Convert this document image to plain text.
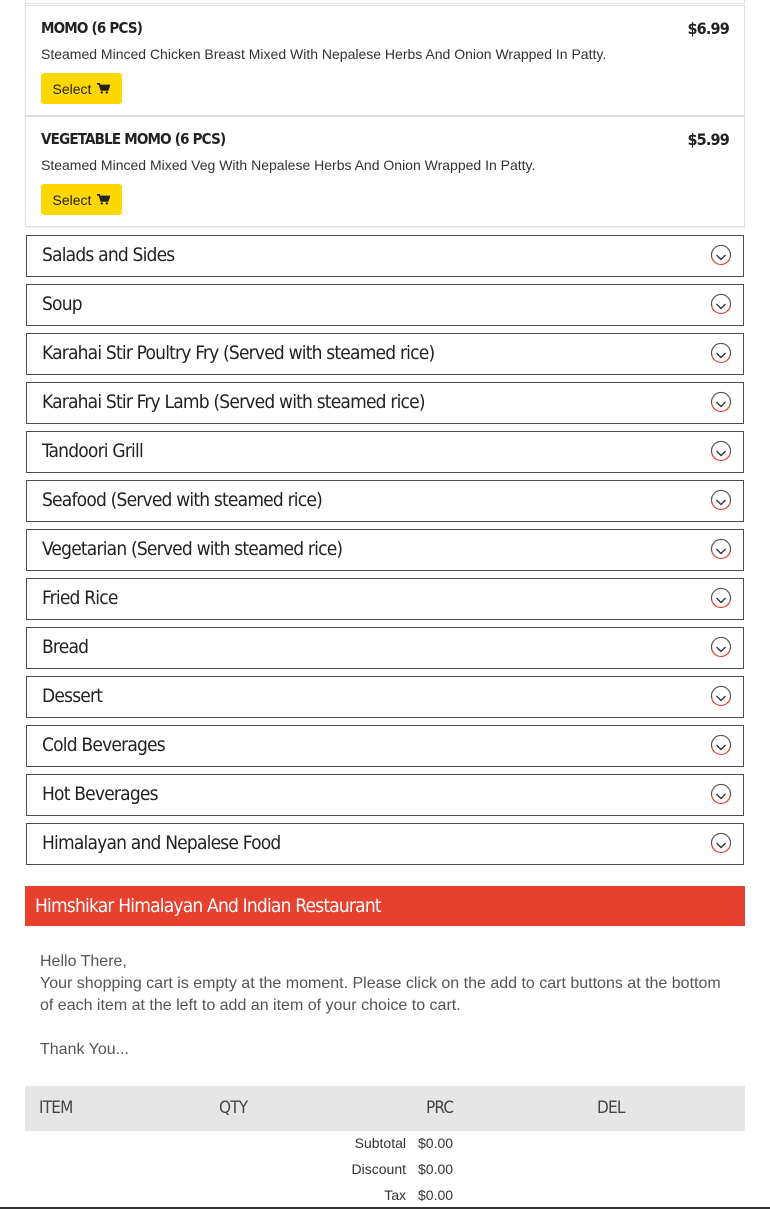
MOMO (6 PCS)	$6.99
Steamed Minced Chicken Breast Mixed With Nepalese Herbs And Onion Wrapped In Patty.
Select
VEGETABLE MOMO (6 PCS)	$5.99
Steamed Minced Mixed Veg With Nepalese Herbs And Onion Wrapped In Patty.
Select
Salads and Sides
Soup
Karahai Stir Poultry Fry (Served with steamed rice)
Karahai Stir Fry Lamb (Served with steamed rice)
Tandoori Grill
Seafood (Served with steamed rice)
Vegetarian (Served with steamed rice)
Fried Rice
Bread
Dessert
Cold Beverages
Hot Beverages
Himalayan and Nepalese Food
Himshikar Himalayan And Indian Restaurant

Hello There,

Your shopping cart is empty at the moment. Please click on the add to cart buttons at the bottom of each item at the left to add an item of your choice to cart.

Thank You...

ITEM	QTY	PRC	DEL
Subtotal $0.00
Discount $0.00
Tax $0.00
